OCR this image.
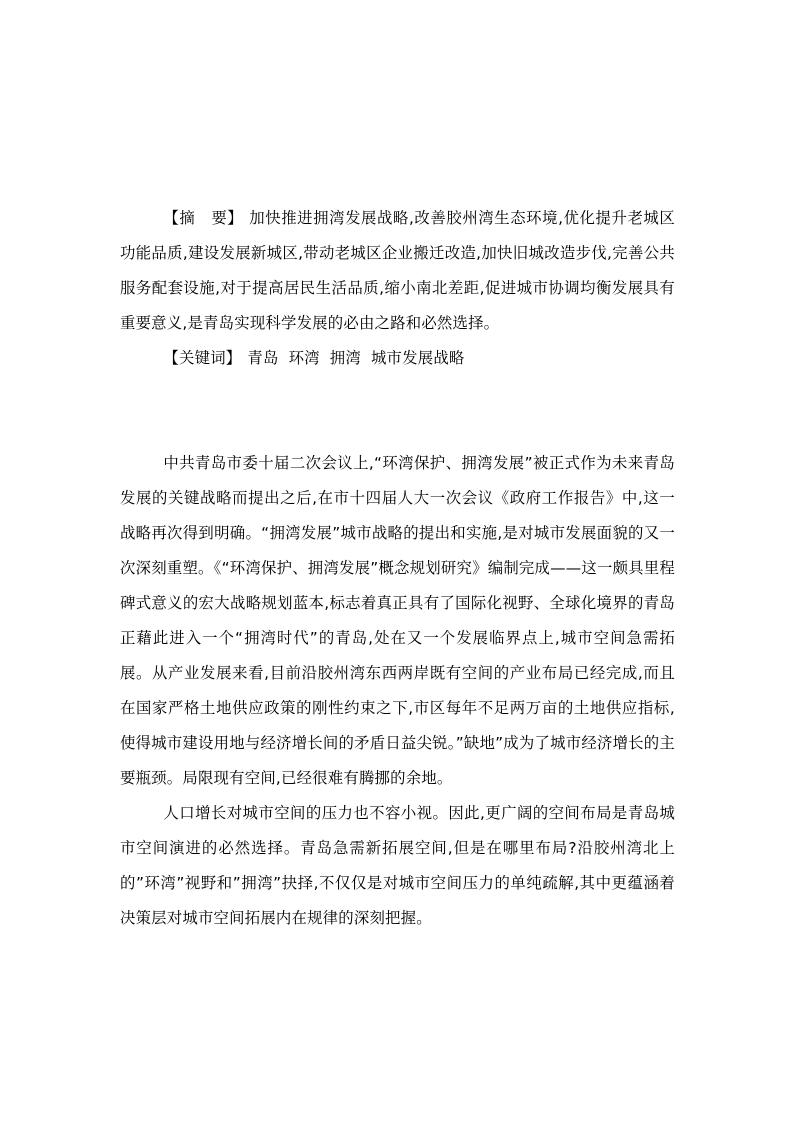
【摘　要】 加快推进拥湾发展战略,改善胶州湾生态环境,优化提升老城区功能品质,建设发展新城区,带动老城区企业搬迁改造,加快旧城改造步伐,完善公共服务配套设施,对于提高居民生活品质,缩小南北差距,促进城市协调均衡发展具有重要意义,是青岛实现科学发展的必由之路和必然选择。

【关键词】 青岛 环湾 拥湾 城市发展战略

中共青岛市委十届二次会议上,“环湾保护、拥湾发展”被正式作为未来青岛发展的关键战略而提出之后,在市十四届人大一次会议《政府工作报告》中,这一战略再次得到明确。“拥湾发展”城市战略的提出和实施,是对城市发展面貌的又一次深刻重塑。《“环湾保护、拥湾发展”概念规划研究》编制完成——这一颇具里程碑式意义的宏大战略规划蓝本,标志着真正具有了国际化视野、全球化境界的青岛正藉此进入一个“拥湾时代”的青岛,处在又一个发展临界点上,城市空间急需拓展。从产业发展来看,目前沿胶州湾东西两岸既有空间的产业布局已经完成,而且在国家严格土地供应政策的刚性约束之下,市区每年不足两万亩的土地供应指标,使得城市建设用地与经济增长间的矛盾日益尖锐。”缺地”成为了城市经济增长的主要瓶颈。局限现有空间,已经很难有腾挪的余地。

人口增长对城市空间的压力也不容小视。因此,更广阔的空间布局是青岛城市空间演进的必然选择。青岛急需新拓展空间,但是在哪里布局?沿胶州湾北上的”环湾”视野和”拥湾”抉择,不仅仅是对城市空间压力的单纯疏解,其中更蕴涵着决策层对城市空间拓展内在规律的深刻把握。
